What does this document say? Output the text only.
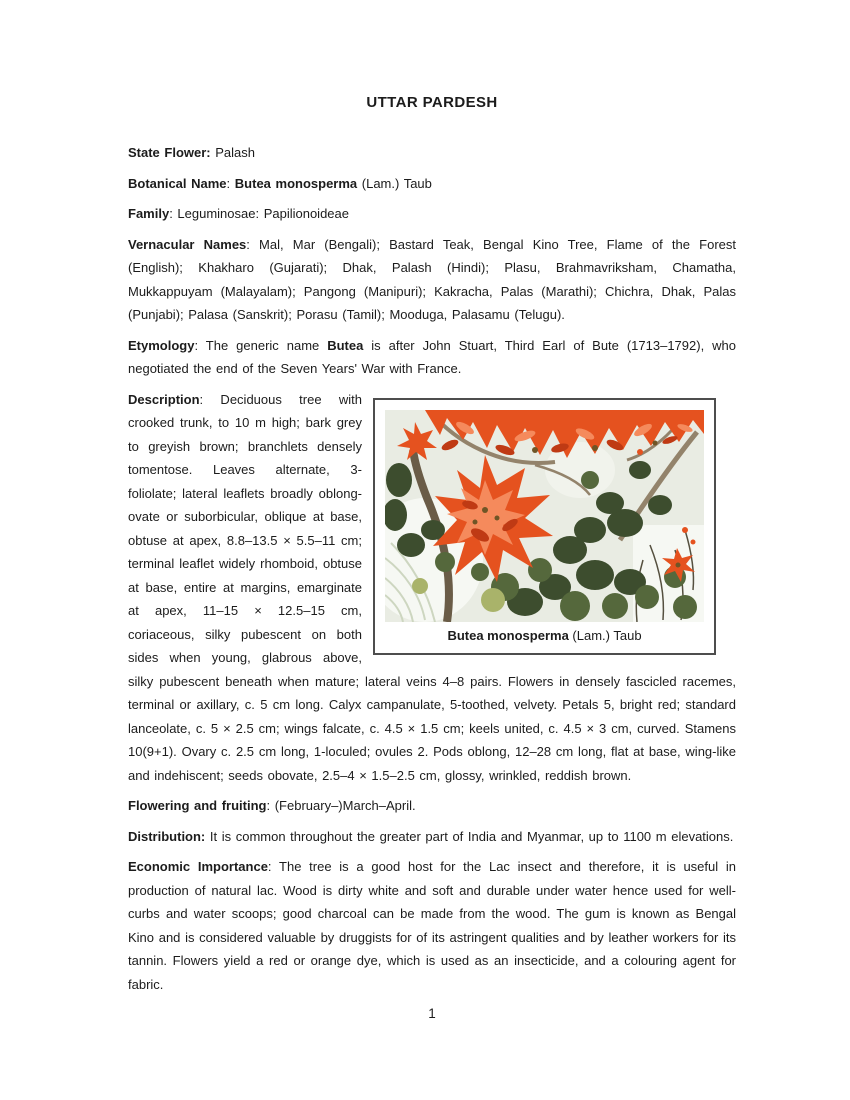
UTTAR PARDESH

State Flower: Palash

Botanical Name: Butea monosperma (Lam.) Taub

Family: Leguminosae: Papilionoideae

Vernacular Names: Mal, Mar (Bengali); Bastard Teak, Bengal Kino Tree, Flame of the Forest (English); Khakharo (Gujarati); Dhak, Palash (Hindi); Plasu, Brahmavriksham, Chamatha, Mukkappuyam (Malayalam); Pangong (Manipuri); Kakracha, Palas (Marathi); Chichra, Dhak, Palas (Punjabi); Palasa (Sanskrit); Porasu (Tamil); Mooduga, Palasamu (Telugu).

Etymology: The generic name Butea is after John Stuart, Third Earl of Bute (1713–1792), who negotiated the end of the Seven Years' War with France.

Butea monosperma (Lam.) Taub
Description: Deciduous tree with crooked trunk, to 10 m high; bark grey to greyish brown; branchlets densely tomentose. Leaves alternate, 3-foliolate; lateral leaflets broadly oblong-ovate or suborbicular, oblique at base, obtuse at apex, 8.8–13.5 × 5.5–11 cm; terminal leaflet widely rhomboid, obtuse at base, entire at margins, emarginate at apex, 11–15 × 12.5–15 cm, coriaceous, silky pubescent on both sides when young, glabrous above, silky pubescent beneath when mature; lateral veins 4–8 pairs. Flowers in densely fascicled racemes, terminal or axillary, c. 5 cm long. Calyx campanulate, 5-toothed, velvety. Petals 5, bright red; standard lanceolate, c. 5 × 2.5 cm; wings falcate, c. 4.5 × 1.5 cm; keels united, c. 4.5 × 3 cm, curved. Stamens 10(9+1). Ovary c. 2.5 cm long, 1-loculed; ovules 2. Pods oblong, 12–28 cm long, flat at base, wing-like and indehiscent; seeds obovate, 2.5–4 × 1.5–2.5 cm, glossy, wrinkled, reddish brown.

Flowering and fruiting: (February–)March–April.

Distribution: It is common throughout the greater part of India and Myanmar, up to 1100 m elevations.

Economic Importance: The tree is a good host for the Lac insect and therefore, it is useful in production of natural lac. Wood is dirty white and soft and durable under water hence used for well-curbs and water scoops; good charcoal can be made from the wood. The gum is known as Bengal Kino and is considered valuable by druggists for of its astringent qualities and by leather workers for its tannin. Flowers yield a red or orange dye, which is used as an insecticide, and a colouring agent for fabric.

1
